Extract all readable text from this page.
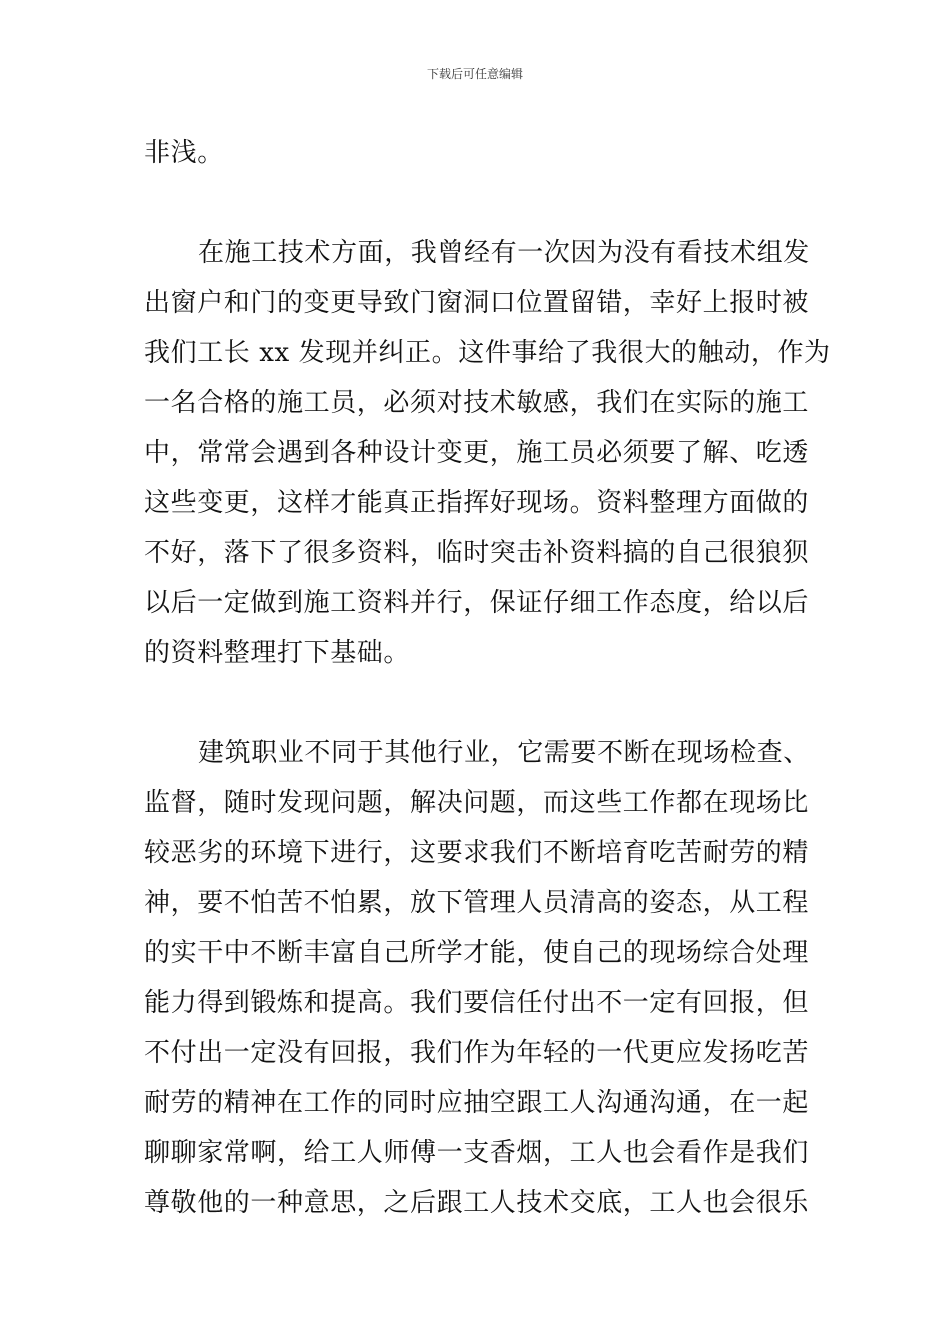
下载后可任意编辑
非浅。
在施工技术方面，我曾经有一次因为没有看技术组发
出窗户和门的变更导致门窗洞口位置留错，幸好上报时被
我们工长 xx 发现并纠正。这件事给了我很大的触动，作为
一名合格的施工员，必须对技术敏感，我们在实际的施工
中，常常会遇到各种设计变更，施工员必须要了解、吃透
这些变更，这样才能真正指挥好现场。资料整理方面做的
不好，落下了很多资料，临时突击补资料搞的自己很狼狈
以后一定做到施工资料并行，保证仔细工作态度，给以后
的资料整理打下基础。
建筑职业不同于其他行业，它需要不断在现场检查、
监督，随时发现问题，解决问题，而这些工作都在现场比
较恶劣的环境下进行，这要求我们不断培育吃苦耐劳的精
神，要不怕苦不怕累，放下管理人员清高的姿态，从工程
的实干中不断丰富自己所学才能，使自己的现场综合处理
能力得到锻炼和提高。我们要信任付出不一定有回报，但
不付出一定没有回报，我们作为年轻的一代更应发扬吃苦
耐劳的精神在工作的同时应抽空跟工人沟通沟通，在一起
聊聊家常啊，给工人师傅一支香烟，工人也会看作是我们
尊敬他的一种意思，之后跟工人技术交底，工人也会很乐
